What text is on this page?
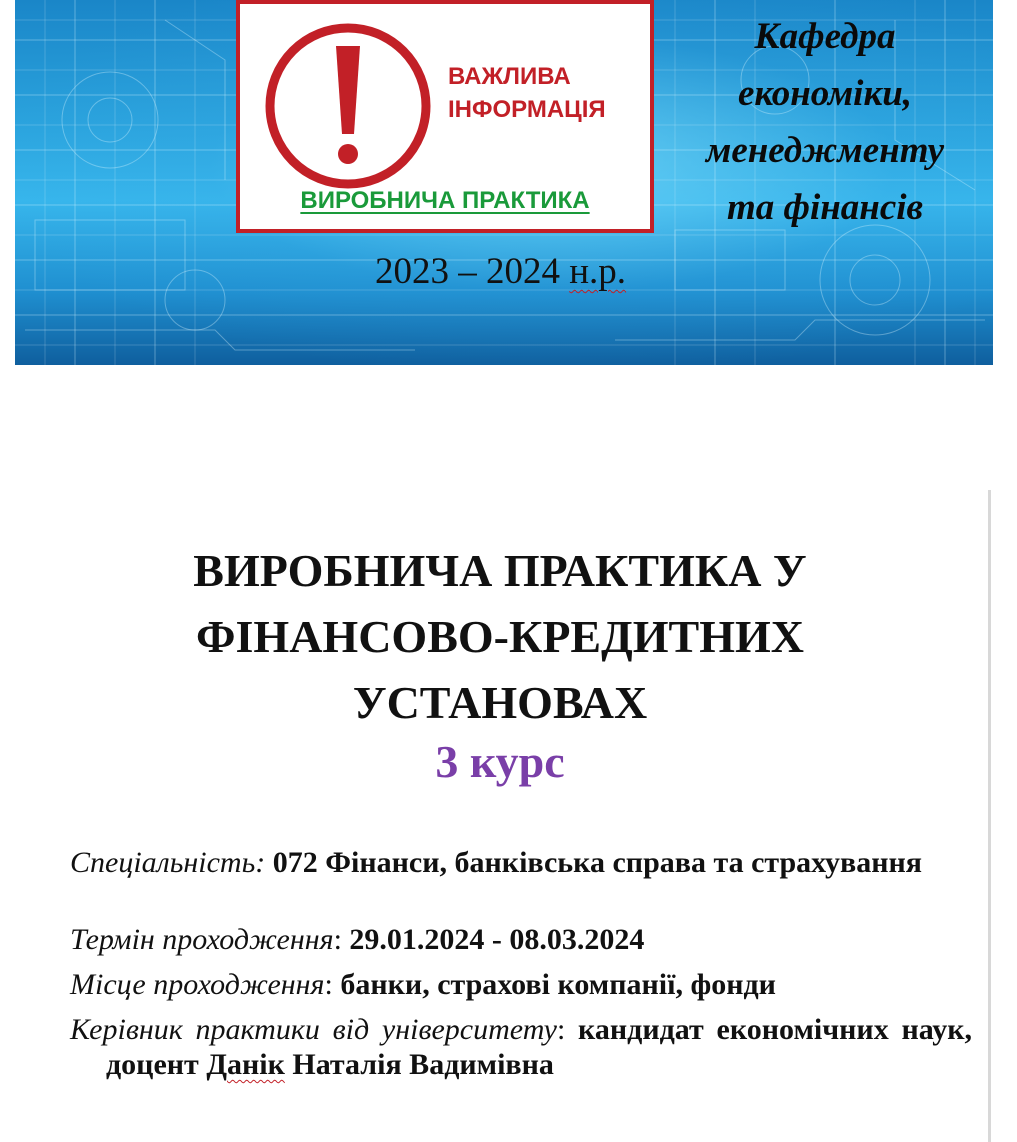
ВАЖЛИВА
ІНФОРМАЦІЯ
ВИРОБНИЧА ПРАКТИКА
Кафедра
економіки,
менеджменту
та фінансів
2023 – 2024 н.р.
ВИРОБНИЧА ПРАКТИКА У
ФІНАНСОВО-КРЕДИТНИХ
УСТАНОВАХ
3 курс
Спеціальність: 072 Фінанси, банківська справа та страхування
Термін проходження: 29.01.2024 - 08.03.2024
Місце проходження: банки, страхові компанії, фонди
Керівник практики від університету: кандидат економічних наук, доцент Данік Наталія Вадимівна
